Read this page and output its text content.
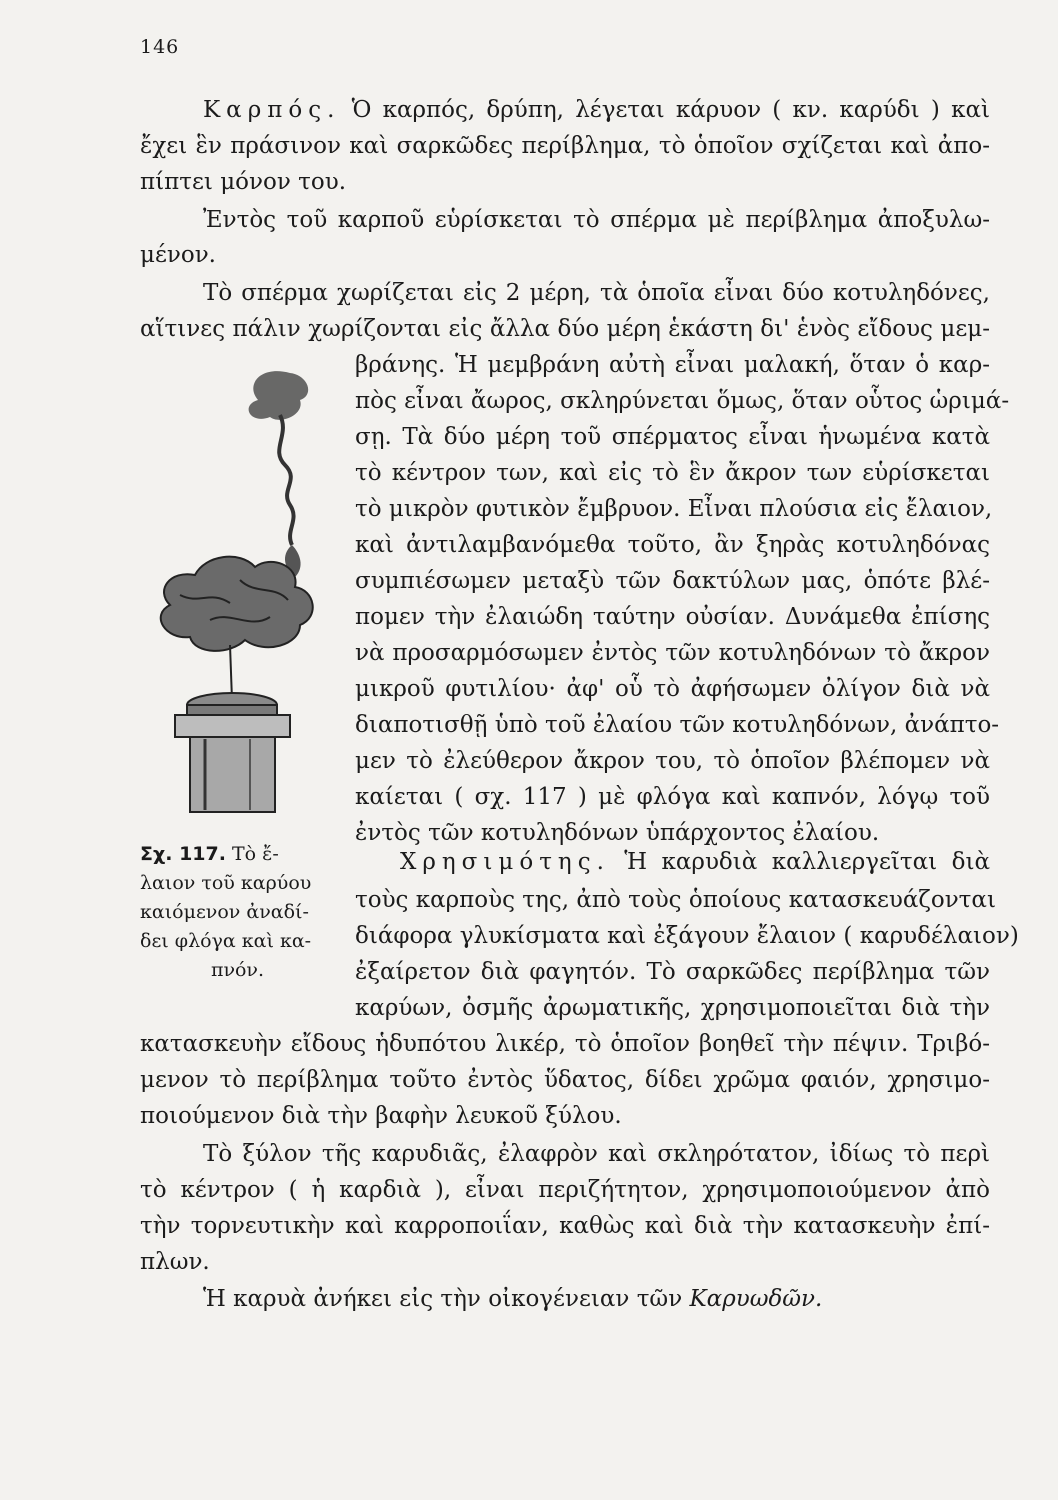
146
Καρπός. Ὁ καρπός, δρύπη, λέγεται κάρυον ( κν. καρύδι ) καὶ
ἔχει ἓν πράσινον καὶ σαρκῶδες περίβλημα, τὸ ὁποῖον σχίζεται καὶ ἀπο-
πίπτει μόνον του.
Ἐντὸς τοῦ καρποῦ εὑρίσκεται τὸ σπέρμα μὲ περίβλημα ἀποξυλω-
μένον.
Τὸ σπέρμα χωρίζεται εἰς 2 μέρη, τὰ ὁποῖα εἶναι δύο κοτυληδόνες,
αἵτινες πάλιν χωρίζονται εἰς ἄλλα δύο μέρη ἑκάστη δι' ἑνὸς εἴδους μεμ-
βράνης. Ἡ μεμβράνη αὐτὴ εἶναι μαλακή, ὅταν ὁ καρ-
πὸς εἶναι ἄωρος, σκληρύνεται ὅμως, ὅταν οὗτος ὡριμά-
σῃ. Τὰ δύο μέρη τοῦ σπέρματος εἶναι ἡνωμένα κατὰ
τὸ κέντρον των, καὶ εἰς τὸ ἓν ἄκρον των εὑρίσκεται
τὸ μικρὸν φυτικὸν ἔμβρυον. Εἶναι πλούσια εἰς ἔλαιον,
καὶ ἀντιλαμβανόμεθα τοῦτο, ἂν ξηρὰς κοτυληδόνας
συμπιέσωμεν μεταξὺ τῶν δακτύλων μας, ὁπότε βλέ-
πομεν τὴν ἐλαιώδη ταύτην οὐσίαν. Δυνάμεθα ἐπίσης
νὰ προσαρμόσωμεν ἐντὸς τῶν κοτυληδόνων τὸ ἄκρον
μικροῦ φυτιλίου· ἀφ' οὗ τὸ ἀφήσωμεν ὀλίγον διὰ νὰ
διαποτισθῇ ὑπὸ τοῦ ἐλαίου τῶν κοτυληδόνων, ἀνάπτο-
μεν τὸ ἐλεύθερον ἄκρον του, τὸ ὁποῖον βλέπομεν νὰ
καίεται ( σχ. 117 ) μὲ φλόγα καὶ καπνόν, λόγῳ τοῦ
ἐντὸς τῶν κοτυληδόνων ὑπάρχοντος ἐλαίου.
Σχ. 117. Τὸ ἔ-
λαιον τοῦ καρύου
καιόμενον ἀναδί-
δει φλόγα καὶ κα-
πνόν.
Χρησιμότης. Ἡ καρυδιὰ καλλιεργεῖται διὰ
τοὺς καρποὺς της, ἀπὸ τοὺς ὁποίους κατασκευάζονται
διάφορα γλυκίσματα καὶ ἐξάγουν ἔλαιον ( καρυδέλαιον)
ἐξαίρετον διὰ φαγητόν. Τὸ σαρκῶδες περίβλημα τῶν
καρύων, ὀσμῆς ἀρωματικῆς, χρησιμοποιεῖται διὰ τὴν
κατασκευὴν εἴδους ἡδυπότου λικέρ, τὸ ὁποῖον βοηθεῖ τὴν πέψιν. Τριβό-
μενον τὸ περίβλημα τοῦτο ἐντὸς ὕδατος, δίδει χρῶμα φαιόν, χρησιμο-
ποιούμενον διὰ τὴν βαφὴν λευκοῦ ξύλου.
Τὸ ξύλον τῆς καρυδιᾶς, ἐλαφρὸν καὶ σκληρότατον, ἰδίως τὸ περὶ
τὸ κέντρον ( ἡ καρδιὰ ), εἶναι περιζήτητον, χρησιμοποιούμενον ἀπὸ
τὴν τορνευτικὴν καὶ καρροποιΐαν, καθὼς καὶ διὰ τὴν κατασκευὴν ἐπί-
πλων.
Ἡ καρυὰ ἀνήκει εἰς τὴν οἰκογένειαν τῶν Καρυωδῶν.
